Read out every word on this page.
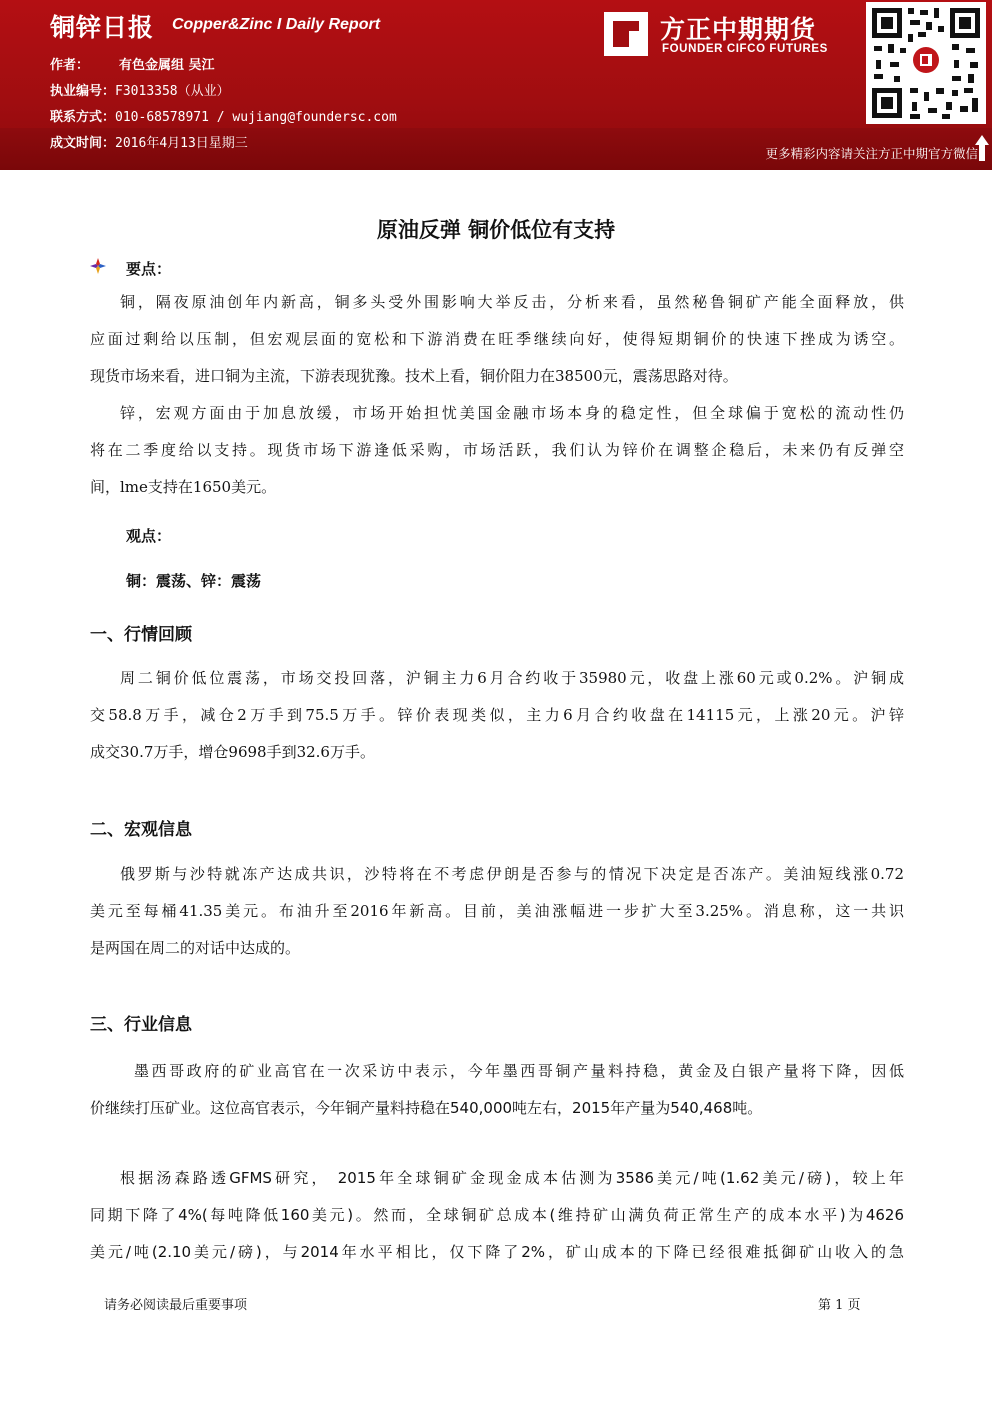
铜锌日报 Copper&Zinc I Daily Report
作者： 有色金属组 吴江
执业编号：F3013358（从业）
联系方式：010-68578971 / wujiang@foundersc.com
成文时间：2016年4月13日星期三
方正中期期货
FOUNDER CIFCO FUTURES
更多精彩内容请关注方正中期官方微信
原油反弹 铜价低位有支持
要点：
铜，隔夜原油创年内新高，铜多头受外围影响大举反击，分析来看，虽然秘鲁铜矿产能全面释放，供
应面过剩给以压制，但宏观层面的宽松和下游消费在旺季继续向好，使得短期铜价的快速下挫成为诱空。
现货市场来看，进口铜为主流，下游表现犹豫。技术上看，铜价阻力在38500元，震荡思路对待。
锌，宏观方面由于加息放缓，市场开始担忧美国金融市场本身的稳定性，但全球偏于宽松的流动性仍
将在二季度给以支持。现货市场下游逢低采购，市场活跃，我们认为锌价在调整企稳后，未来仍有反弹空
间，lme支持在1650美元。
观点：
铜：震荡、锌：震荡
一、行情回顾
周二铜价低位震荡，市场交投回落，沪铜主力6月合约收于35980元，收盘上涨60元或0.2%。沪铜成
交58.8万手，减仓2万手到75.5万手。锌价表现类似，主力6月合约收盘在14115元，上涨20元。沪锌
成交30.7万手，增仓9698手到32.6万手。
二、宏观信息
俄罗斯与沙特就冻产达成共识，沙特将在不考虑伊朗是否参与的情况下决定是否冻产。美油短线涨0.72
美元至每桶41.35美元。布油升至2016年新高。目前，美油涨幅进一步扩大至3.25%。消息称，这一共识
是两国在周二的对话中达成的。
三、行业信息
墨西哥政府的矿业高官在一次采访中表示，今年墨西哥铜产量料持稳，黄金及白银产量将下降，因低
价继续打压矿业。这位高官表示，今年铜产量料持稳在540,000吨左右，2015年产量为540,468吨。
根据汤森路透GFMS研究， 2015年全球铜矿金现金成本估测为3586美元/吨(1.62美元/磅)，较上年
同期下降了4%(每吨降低160美元)。然而，全球铜矿总成本(维持矿山满负荷正常生产的成本水平)为4626
美元/吨(2.10美元/磅)，与2014年水平相比，仅下降了2%，矿山成本的下降已经很难抵御矿山收入的急
请务必阅读最后重要事项	第 1 页
